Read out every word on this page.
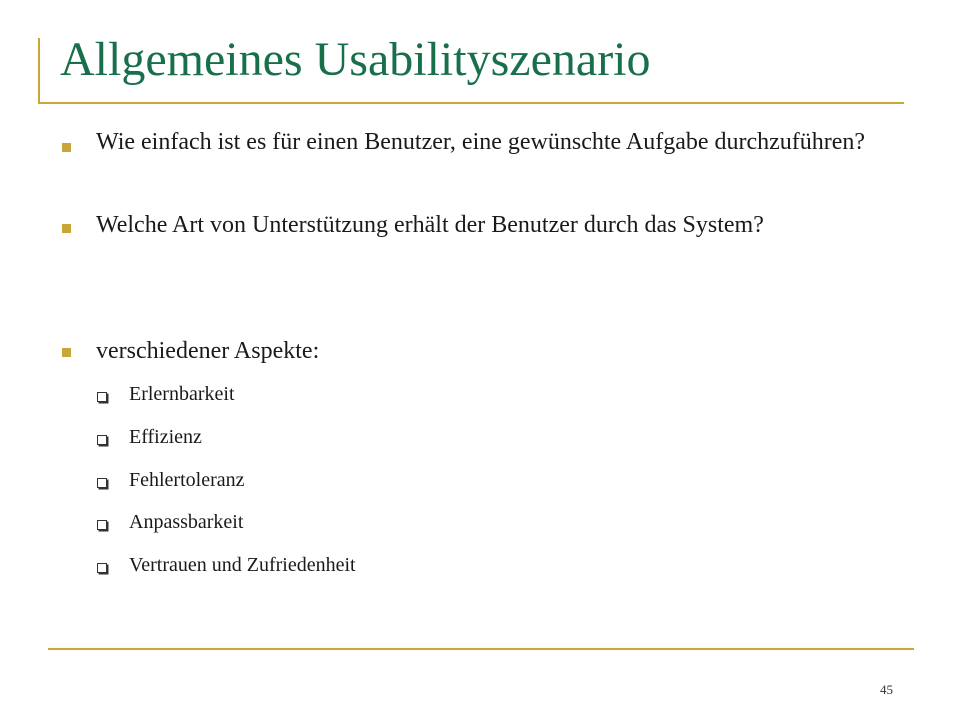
Allgemeines Usabilityszenario
Wie einfach ist es für einen Benutzer, eine gewünschte Aufgabe durchzuführen?
Welche Art von Unterstützung erhält der Benutzer durch das System?
verschiedener Aspekte:
Erlernbarkeit
Effizienz
Fehlertoleranz
Anpassbarkeit
Vertrauen und Zufriedenheit
45
